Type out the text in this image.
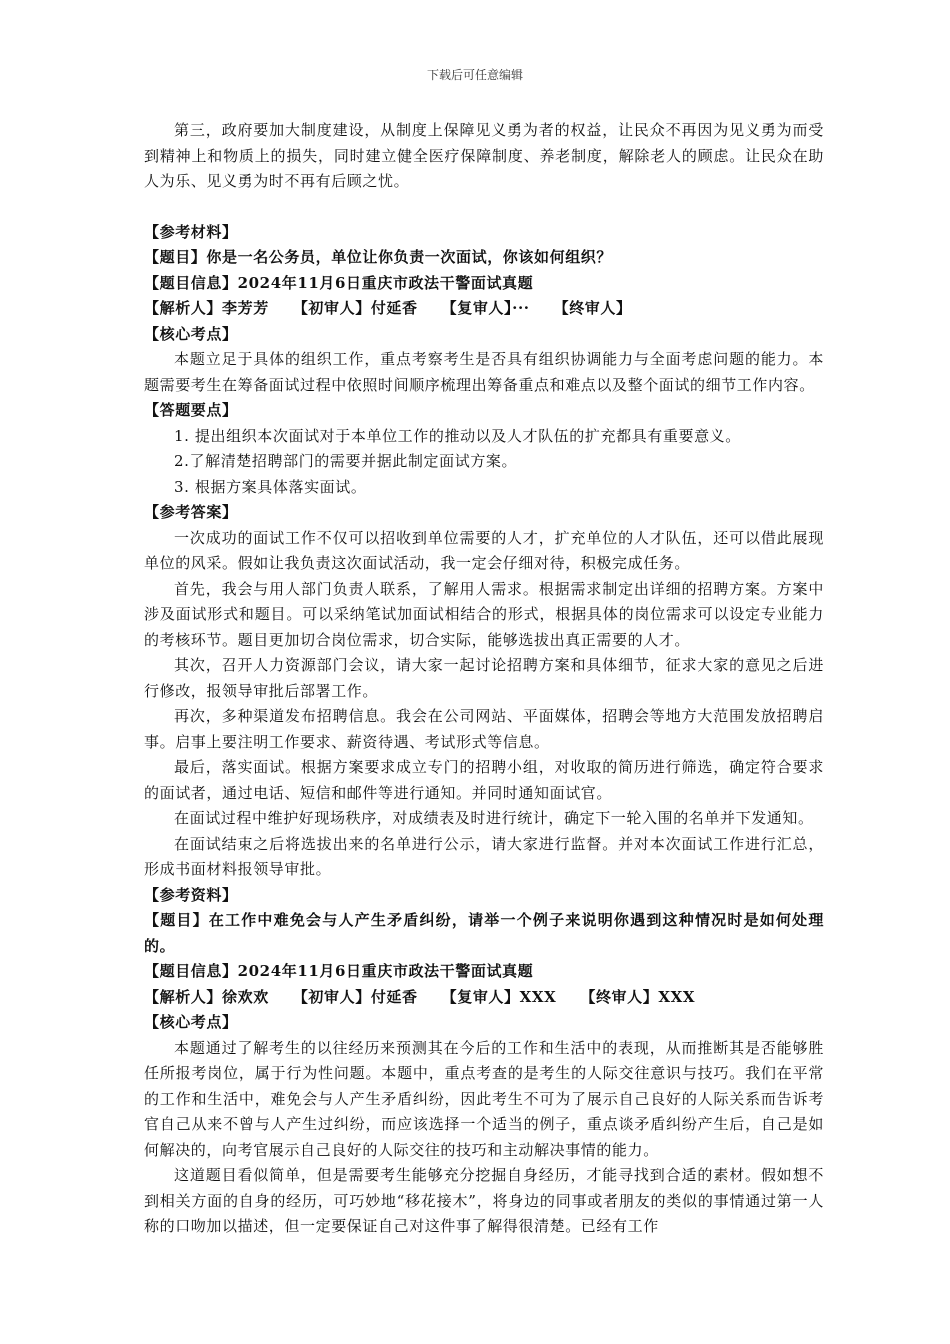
下载后可任意编辑

第三，政府要加大制度建设，从制度上保障见义勇为者的权益，让民众不再因为见义勇为而受到精神上和物质上的损失，同时建立健全医疗保障制度、养老制度，解除老人的顾虑。让民众在助人为乐、见义勇为时不再有后顾之忧。

【参考材料】

【题目】你是一名公务员，单位让你负责一次面试，你该如何组织？

【题目信息】2024年11月6日重庆市政法干警面试真题

【解析人】李芳芳 【初审人】付延香 【复审人】··· 【终审人】

【核心考点】

本题立足于具体的组织工作，重点考察考生是否具有组织协调能力与全面考虑问题的能力。本题需要考生在筹备面试过程中依照时间顺序梳理出筹备重点和难点以及整个面试的细节工作内容。

【答题要点】

1. 提出组织本次面试对于本单位工作的推动以及人才队伍的扩充都具有重要意义。

2.了解清楚招聘部门的需要并据此制定面试方案。

3. 根据方案具体落实面试。

【参考答案】

一次成功的面试工作不仅可以招收到单位需要的人才，扩充单位的人才队伍，还可以借此展现单位的风采。假如让我负责这次面试活动，我一定会仔细对待，积极完成任务。

首先，我会与用人部门负责人联系，了解用人需求。根据需求制定出详细的招聘方案。方案中涉及面试形式和题目。可以采纳笔试加面试相结合的形式，根据具体的岗位需求可以设定专业能力的考核环节。题目更加切合岗位需求，切合实际，能够选拔出真正需要的人才。

其次，召开人力资源部门会议，请大家一起讨论招聘方案和具体细节，征求大家的意见之后进行修改，报领导审批后部署工作。

再次，多种渠道发布招聘信息。我会在公司网站、平面媒体，招聘会等地方大范围发放招聘启事。启事上要注明工作要求、薪资待遇、考试形式等信息。

最后，落实面试。根据方案要求成立专门的招聘小组，对收取的简历进行筛选，确定符合要求的面试者，通过电话、短信和邮件等进行通知。并同时通知面试官。

在面试过程中维护好现场秩序，对成绩表及时进行统计，确定下一轮入围的名单并下发通知。

在面试结束之后将选拔出来的名单进行公示，请大家进行监督。并对本次面试工作进行汇总，形成书面材料报领导审批。

【参考资料】

【题目】在工作中难免会与人产生矛盾纠纷，请举一个例子来说明你遇到这种情况时是如何处理的。

【题目信息】2024年11月6日重庆市政法干警面试真题

【解析人】徐欢欢 【初审人】付延香 【复审人】XXX 【终审人】XXX

【核心考点】

本题通过了解考生的以往经历来预测其在今后的工作和生活中的表现，从而推断其是否能够胜任所报考岗位，属于行为性问题。本题中，重点考查的是考生的人际交往意识与技巧。我们在平常的工作和生活中，难免会与人产生矛盾纠纷，因此考生不可为了展示自己良好的人际关系而告诉考官自己从来不曾与人产生过纠纷，而应该选择一个适当的例子，重点谈矛盾纠纷产生后，自己是如何解决的，向考官展示自己良好的人际交往的技巧和主动解决事情的能力。

这道题目看似简单，但是需要考生能够充分挖掘自身经历，才能寻找到合适的素材。假如想不到相关方面的自身的经历，可巧妙地“移花接木”，将身边的同事或者朋友的类似的事情通过第一人称的口吻加以描述，但一定要保证自己对这件事了解得很清楚。已经有工作
